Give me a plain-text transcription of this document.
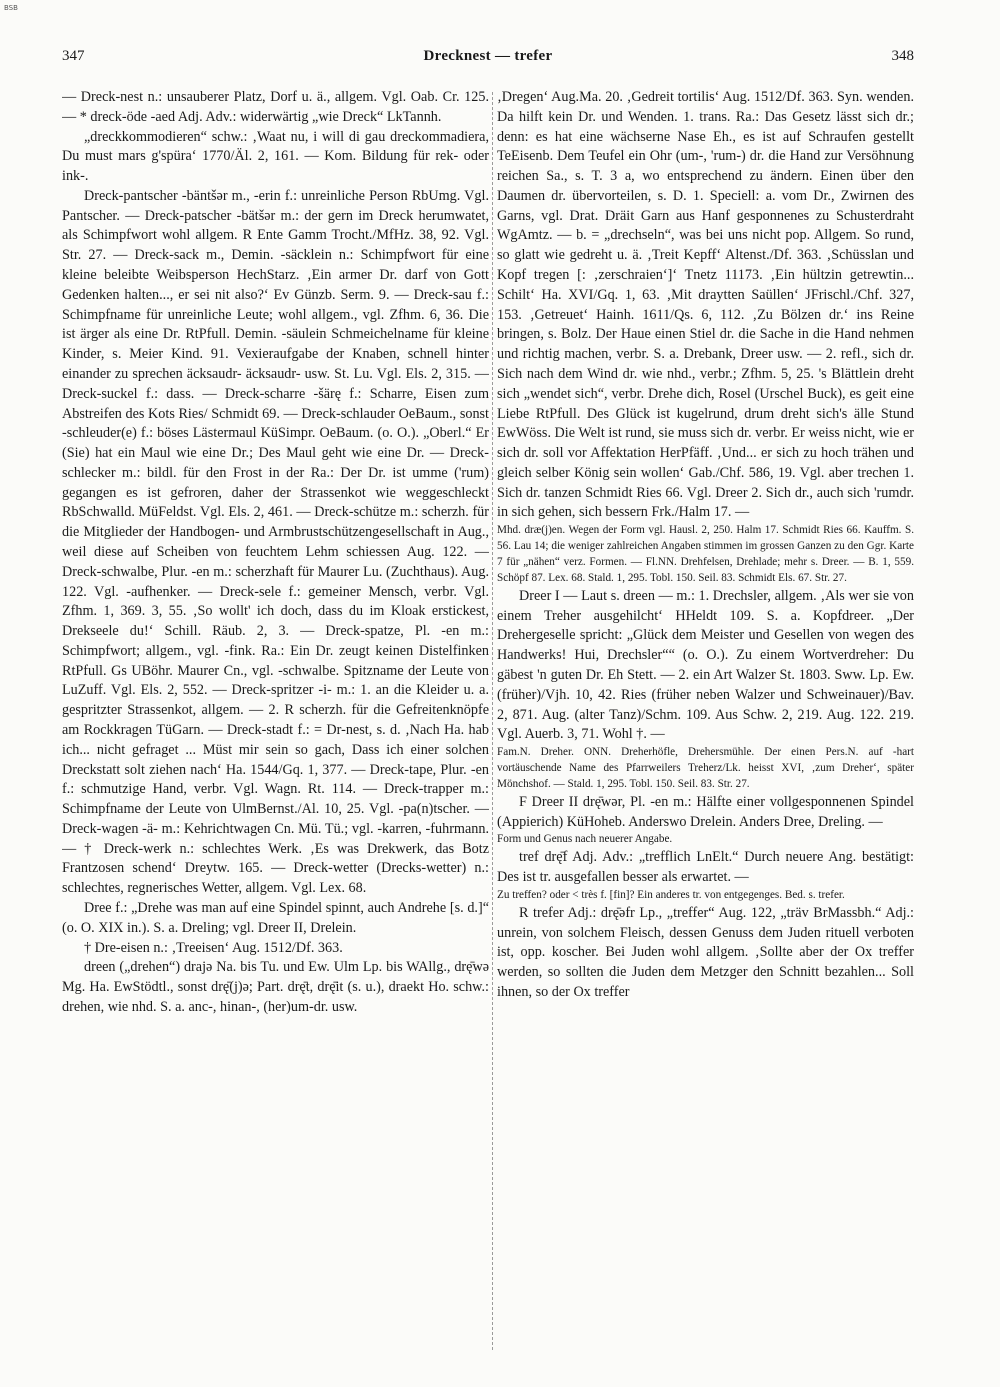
BSB
347	Drecknest — trefer	348

— Dreck-nest n.: unsauberer Platz, Dorf u. ä., allgem. Vgl. Oab. Cr. 125. — * dreck-öde -aed Adj. Adv.: widerwärtig „wie Dreck“ LkTannh.

„dreckkommodieren“ schw.: ‚Waat nu, i will di gau dreckommadiera, Du must mars g'spüra‘ 1770/Äl. 2, 161. — Kom. Bildung für rek- oder ink-.

Dreck-pantscher -bäntšər m., -erin f.: unreinliche Person RbUmg. Vgl. Pantscher. — Dreck-patscher -bätšər m.: der gern im Dreck herumwatet, als Schimpfwort wohl allgem. R Ente Gamm Trocht./MfHz. 38, 92. Vgl. Str. 27. — Dreck-sack m., Demin. -säcklein n.: Schimpfwort für eine kleine beleibte Weibsperson HechStarz. ‚Ein armer Dr. darf von Gott Gedenken halten..., er sei nit also?‘ Ev Günzb. Serm. 9. — Dreck-sau f.: Schimpfname für unreinliche Leute; wohl allgem., vgl. Zfhm. 6, 36. Die ist ärger als eine Dr. RtPfull. Demin. -säulein Schmeichelname für kleine Kinder, s. Meier Kind. 91. Vexieraufgabe der Knaben, schnell hinter einander zu sprechen äcksaudr- äcksaudr- usw. St. Lu. Vgl. Els. 2, 315. — Dreck-suckel f.: dass. — Dreck-scharre -šärę f.: Scharre, Eisen zum Abstreifen des Kots Ries/ Schmidt 69. — Dreck-schlauder OeBaum., sonst -schleuder(e) f.: böses Lästermaul KüSimpr. OeBaum. (o. O.). „Oberl.“ Er (Sie) hat ein Maul wie eine Dr.; Des Maul geht wie eine Dr. — Dreck-schlecker m.: bildl. für den Frost in der Ra.: Der Dr. ist umme ('rum) gegangen es ist gefroren, daher der Strassenkot wie weggeschleckt RbSchwalld. MüFeldst. Vgl. Els. 2, 461. — Dreck-schütze m.: scherzh. für die Mitglieder der Handbogen- und Armbrustschützengesellschaft in Aug., weil diese auf Scheiben von feuchtem Lehm schiessen Aug. 122. — Dreck-schwalbe, Plur. -en m.: scherzhaft für Maurer Lu. (Zuchthaus). Aug. 122. Vgl. -aufhenker. — Dreck-sele f.: gemeiner Mensch, verbr. Vgl. Zfhm. 1, 369. 3, 55. ‚So wollt' ich doch, dass du im Kloak erstickest, Drekseele du!‘ Schill. Räub. 2, 3. — Dreck-spatze, Pl. -en m.: Schimpfwort; allgem., vgl. -fink. Ra.: Ein Dr. zeugt keinen Distelfinken RtPfull. Gs UBöhr. Maurer Cn., vgl. -schwalbe. Spitzname der Leute von LuZuff. Vgl. Els. 2, 552. — Dreck-spritzer -i- m.: 1. an die Kleider u. a. gespritzter Strassenkot, allgem. — 2. R scherzh. für die Gefreitenknöpfe am Rockkragen TüGarn. — Dreck-stadt f.: = Dr-nest, s. d. ‚Nach Ha. hab ich... nicht gefraget ... Müst mir sein so gach, Dass ich einer solchen Dreckstatt solt ziehen nach‘ Ha. 1544/Gq. 1, 377. — Dreck-tape, Plur. -en f.: schmutzige Hand, verbr. Vgl. Wagn. Rt. 114. — Dreck-trapper m.: Schimpfname der Leute von UlmBernst./Al. 10, 25. Vgl. -pa(n)tscher. — Dreck-wagen -ä- m.: Kehrichtwagen Cn. Mü. Tü.; vgl. -karren, -fuhrmann. — † Dreck-werk n.: schlechtes Werk. ‚Es was Drekwerk, das Botz Frantzosen schend‘ Dreytw. 165. — Dreck-wetter (Drecks-wetter) n.: schlechtes, regnerisches Wetter, allgem. Vgl. Lex. 68.

Dree f.: „Drehe was man auf eine Spindel spinnt, auch Andrehe [s. d.]“ (o. O. XIX in.). S. a. Dreling; vgl. Dreer II, Drelein.

† Dre-eisen n.: ‚Treeisen‘ Aug. 1512/Df. 363.

dreen („drehen“) drajə Na. bis Tu. und Ew. Ulm Lp. bis WAllg., drę̄wə Mg. Ha. EwStödtl., sonst drę̄(j)ə; Part. drę̄t, drę̄it (s. u.), draekt Ho. schw.: drehen, wie nhd. S. a. anc-, hinan-, (her)um-dr. usw.

‚Dregen‘ Aug.Ma. 20. ‚Gedreit tortilis‘ Aug. 1512/Df. 363. Syn. wenden. Da hilft kein Dr. und Wenden. 1. trans. Ra.: Das Gesetz lässt sich dr.; denn: es hat eine wächserne Nase Eh., es ist auf Schraufen gestellt TeEisenb. Dem Teufel ein Ohr (um-, 'rum-) dr. die Hand zur Versöhnung reichen Sa., s. T. 3 a, wo entsprechend zu ändern. Einen über den Daumen dr. übervorteilen, s. D. 1. Speciell: a. vom Dr., Zwirnen des Garns, vgl. Drat. Dräit Garn aus Hanf gesponnenes zu Schusterdraht WgAmtz. — b. = „drechseln“, was bei uns nicht pop. Allgem. So rund, so glatt wie gedreht u. ä. ‚Treit Kepff‘ Altenst./Df. 363. ‚Schüsslan und Kopf tregen [: ‚zerschraien‘]‘ Tnetz 11173. ‚Ein hültzin getrewtin... Schilt‘ Ha. XVI/Gq. 1, 63. ‚Mit draytten Saüllen‘ JFrischl./Chf. 327, 153. ‚Getreuet‘ Hainh. 1611/Qs. 6, 112. ‚Zu Bölzen dr.‘ ins Reine bringen, s. Bolz. Der Haue einen Stiel dr. die Sache in die Hand nehmen und richtig machen, verbr. S. a. Drebank, Dreer usw. — 2. refl., sich dr. Sich nach dem Wind dr. wie nhd., verbr.; Zfhm. 5, 25. 's Blättlein dreht sich „wendet sich“, verbr. Drehe dich, Rosel (Urschel Buck), es geit eine Liebe RtPfull. Des Glück ist kugelrund, drum dreht sich's älle Stund EwWöss. Die Welt ist rund, sie muss sich dr. verbr. Er weiss nicht, wie er sich dr. soll vor Affektation HerPfäff. ‚Und... er sich zu hoch trähen und gleich selber König sein wollen‘ Gab./Chf. 586, 19. Vgl. aber trechen 1. Sich dr. tanzen Schmidt Ries 66. Vgl. Dreer 2. Sich dr., auch sich 'rumdr. in sich gehen, sich bessern Frk./Halm 17. —

Mhd. dræ(j)en. Wegen der Form vgl. Hausl. 2, 250. Halm 17. Schmidt Ries 66. Kauffm. S. 56. Lau 14; die weniger zahlreichen Angaben stimmen im grossen Ganzen zu den Ggr. Karte 7 für „nähen“ verz. Formen. — Fl.NN. Drehfelsen, Drehlade; mehr s. Dreer. — B. 1, 559. Schöpf 87. Lex. 68. Stald. 1, 295. Tobl. 150. Seil. 83. Schmidt Els. 67. Str. 27.

Dreer I — Laut s. dreen — m.: 1. Drechsler, allgem. ‚Als wer sie von einem Treher ausgehilcht‘ HHeldt 109. S. a. Kopfdreer. „Der Drehergeselle spricht: „Glück dem Meister und Gesellen von wegen des Handwerks! Hui, Drechsler““ (o. O.). Zu einem Wortverdreher: Du gäbest 'n guten Dr. Eh Stett. — 2. ein Art Walzer St. 1803. Sww. Lp. Ew. (früher)/Vjh. 10, 42. Ries (früher neben Walzer und Schweinauer)/Bav. 2, 871. Aug. (alter Tanz)/Schm. 109. Aus Schw. 2, 219. Aug. 122. 219. Vgl. Auerb. 3, 71. Wohl †. —

Fam.N. Dreher. ONN. Dreherhöfle, Drehersmühle. Der einen Pers.N. auf -hart vortäuschende Name des Pfarrweilers Treherz/Lk. heisst XVI, ‚zum Dreher‘, später Mönchshof. — Stald. 1, 295. Tobl. 150. Seil. 83. Str. 27.

F Dreer II drę̄wər, Pl. -en m.: Hälfte einer vollgesponnenen Spindel (Appierich) KüHoheb. Anderswo Drelein. Anders Dree, Dreling. —

Form und Genus nach neuerer Angabe.

tref drę̄f Adj. Adv.: „trefflich LnElt.“ Durch neuere Ang. bestätigt: Des ist tr. ausgefallen besser als erwartet. —

Zu treffen? oder < très f. [fin]? Ein anderes tr. von entgegenges. Bed. s. trefer.

R trefer Adj.: drę̄əfr Lp., „treffer“ Aug. 122, „träv BrMassbh.“ Adj.: unrein, von solchem Fleisch, dessen Genuss dem Juden rituell verboten ist, opp. koscher. Bei Juden wohl allgem. ‚Sollte aber der Ox treffer werden, so sollten die Juden dem Metzger den Schnitt bezahlen... Soll ihnen, so der Ox treffer
